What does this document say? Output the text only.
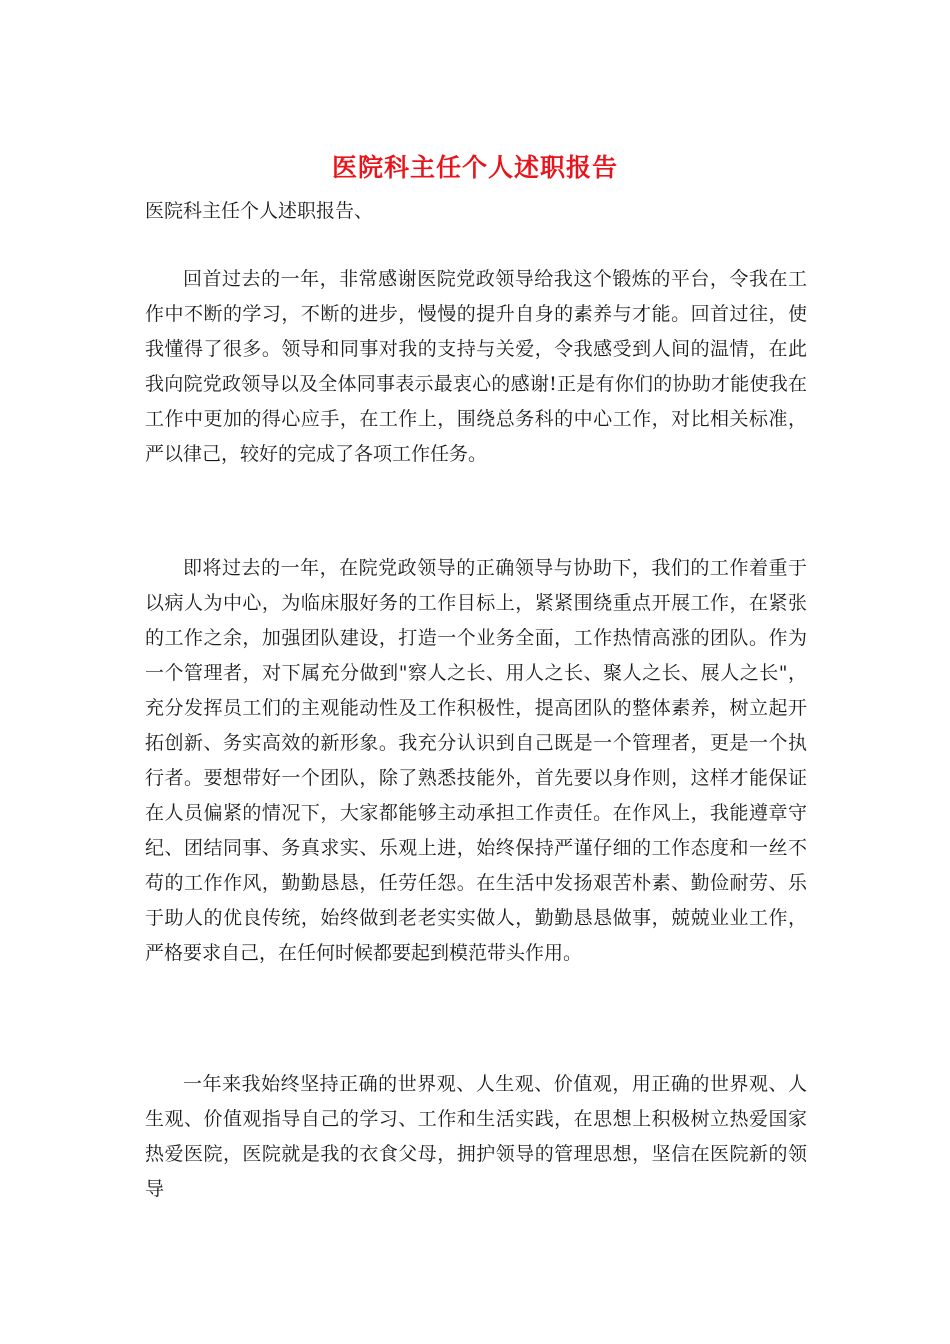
医院科主任个人述职报告
医院科主任个人述职报告、

回首过去的一年，非常感谢医院党政领导给我这个锻炼的平台，令我在工作中不断的学习，不断的进步，慢慢的提升自身的素养与才能。回首过往，使我懂得了很多。领导和同事对我的支持与关爱，令我感受到人间的温情，在此我向院党政领导以及全体同事表示最衷心的感谢!正是有你们的协助才能使我在工作中更加的得心应手，在工作上，围绕总务科的中心工作，对比相关标准，严以律己，较好的完成了各项工作任务。

即将过去的一年，在院党政领导的正确领导与协助下，我们的工作着重于以病人为中心，为临床服好务的工作目标上，紧紧围绕重点开展工作，在紧张的工作之余，加强团队建设，打造一个业务全面，工作热情高涨的团队。作为一个管理者，对下属充分做到"察人之长、用人之长、聚人之长、展人之长"，充分发挥员工们的主观能动性及工作积极性，提高团队的整体素养，树立起开拓创新、务实高效的新形象。我充分认识到自己既是一个管理者，更是一个执行者。要想带好一个团队，除了熟悉技能外，首先要以身作则，这样才能保证在人员偏紧的情况下，大家都能够主动承担工作责任。在作风上，我能遵章守纪、团结同事、务真求实、乐观上进，始终保持严谨仔细的工作态度和一丝不苟的工作作风，勤勤恳恳，任劳任怨。在生活中发扬艰苦朴素、勤俭耐劳、乐于助人的优良传统，始终做到老老实实做人，勤勤恳恳做事，兢兢业业工作，严格要求自己，在任何时候都要起到模范带头作用。

一年来我始终坚持正确的世界观、人生观、价值观，用正确的世界观、人生观、价值观指导自己的学习、工作和生活实践，在思想上积极树立热爱国家热爱医院，医院就是我的衣食父母，拥护领导的管理思想，坚信在医院新的领导
